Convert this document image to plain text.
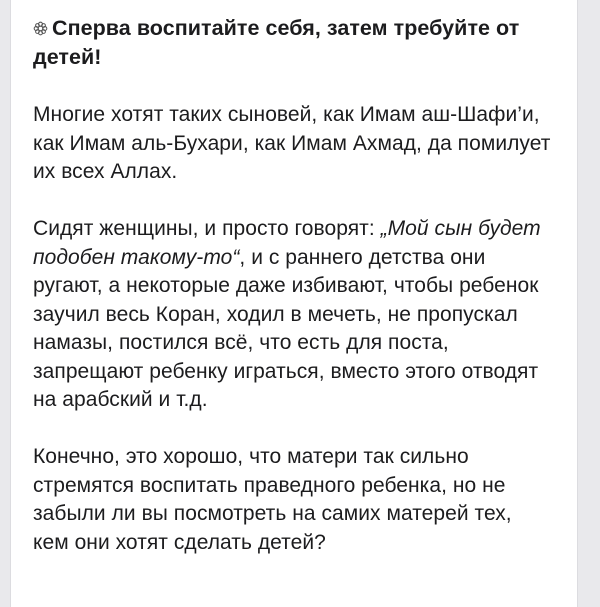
Сперва воспитайте себя, затем требуйте от детей!

Многие хотят таких сыновей, как Имам аш-Шафи’и, как Имам аль-Бухари, как Имам Ахмад, да помилует их всех Аллах.

Сидят женщины, и просто говорят: „Мой сын будет подобен такому-то“, и с раннего детства они ругают, а некоторые даже избивают, чтобы ребенок заучил весь Коран, ходил в мечеть, не пропускал намазы, постился всё, что есть для поста, запрещают ребенку играться, вместо этого отводят на арабский и т.д.

Конечно, это хорошо, что матери так сильно стремятся воспитать праведного ребенка, но не забыли ли вы посмотреть на самих матерей тех, кем они хотят сделать детей?
